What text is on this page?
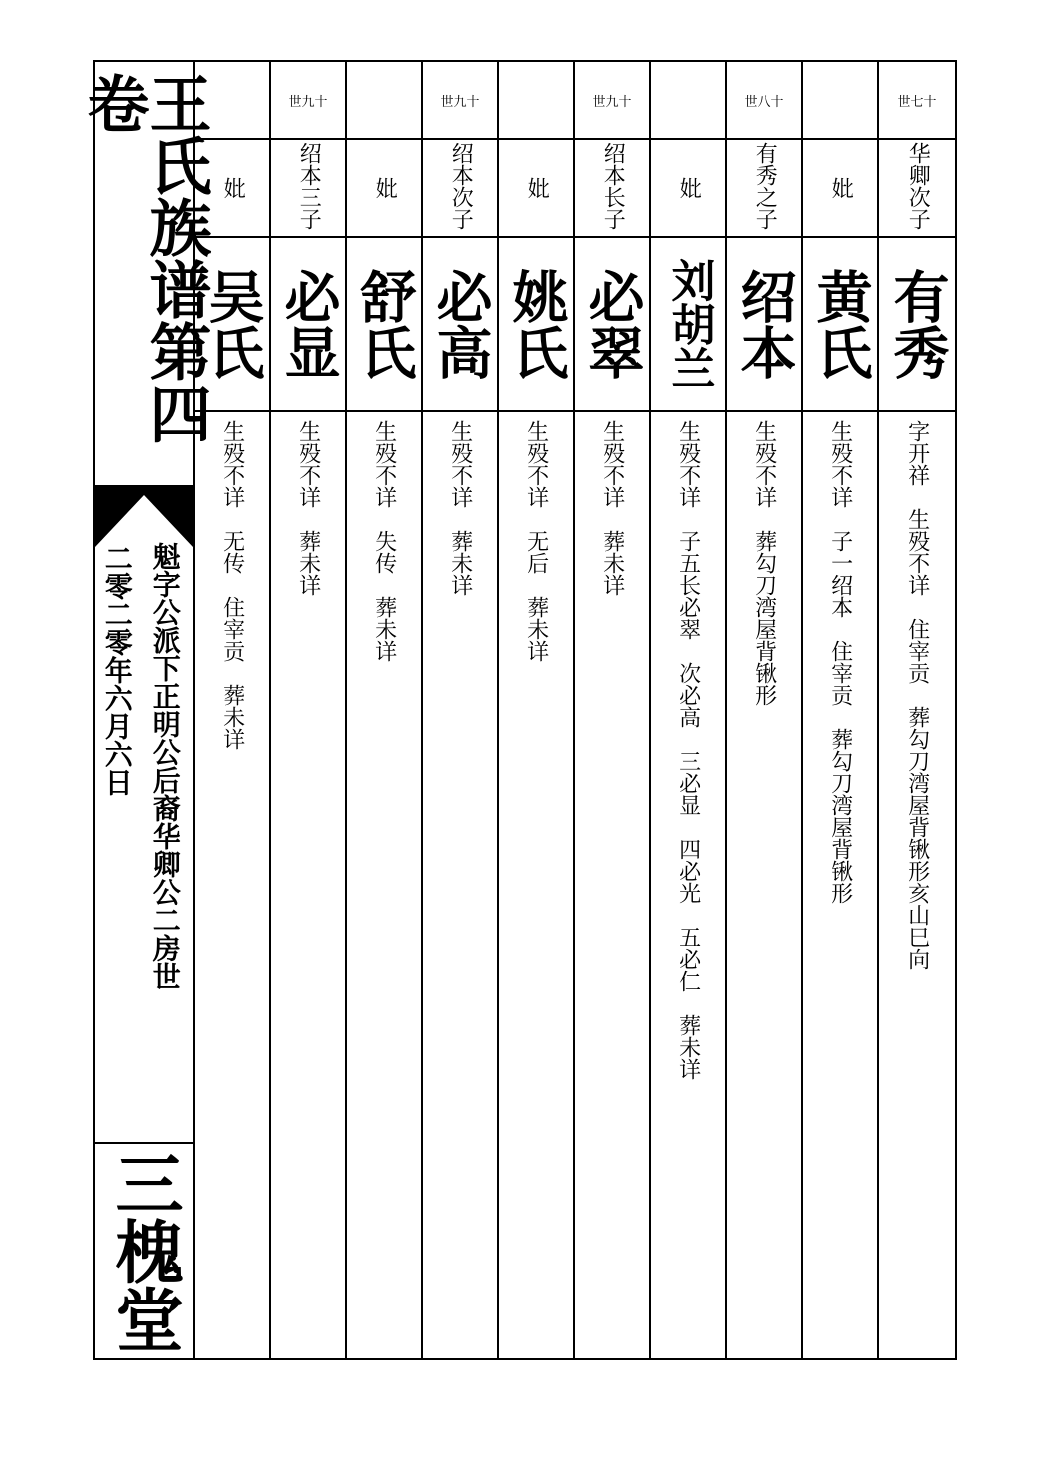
王氏族谱第四卷
魁字公派下正明公后裔华卿公二房世
二零二零年六月六日
三槐堂
妣
吴氏
生殁不详　无传　住宰贡　葬未详
世九十
绍本三子
必显
生殁不详　葬未详
妣
舒氏
生殁不详　失传　葬未详
世九十
绍本次子
必高
生殁不详　葬未详
妣
姚氏
生殁不详　无后　葬未详
世九十
绍本长子
必翠
生殁不详　葬未详
妣
刘胡兰
生殁不详　子五长必翠　次必高　三必显　四必光　五必仁　葬未详
世八十
有秀之子
绍本
生殁不详　葬勾刀湾屋背锹形
妣
黄氏
生殁不详　子一绍本　住宰贡　葬勾刀湾屋背锹形
世七十
华卿次子
有秀
字开祥　生殁不详　住宰贡　葬勾刀湾屋背锹形亥山巳向
